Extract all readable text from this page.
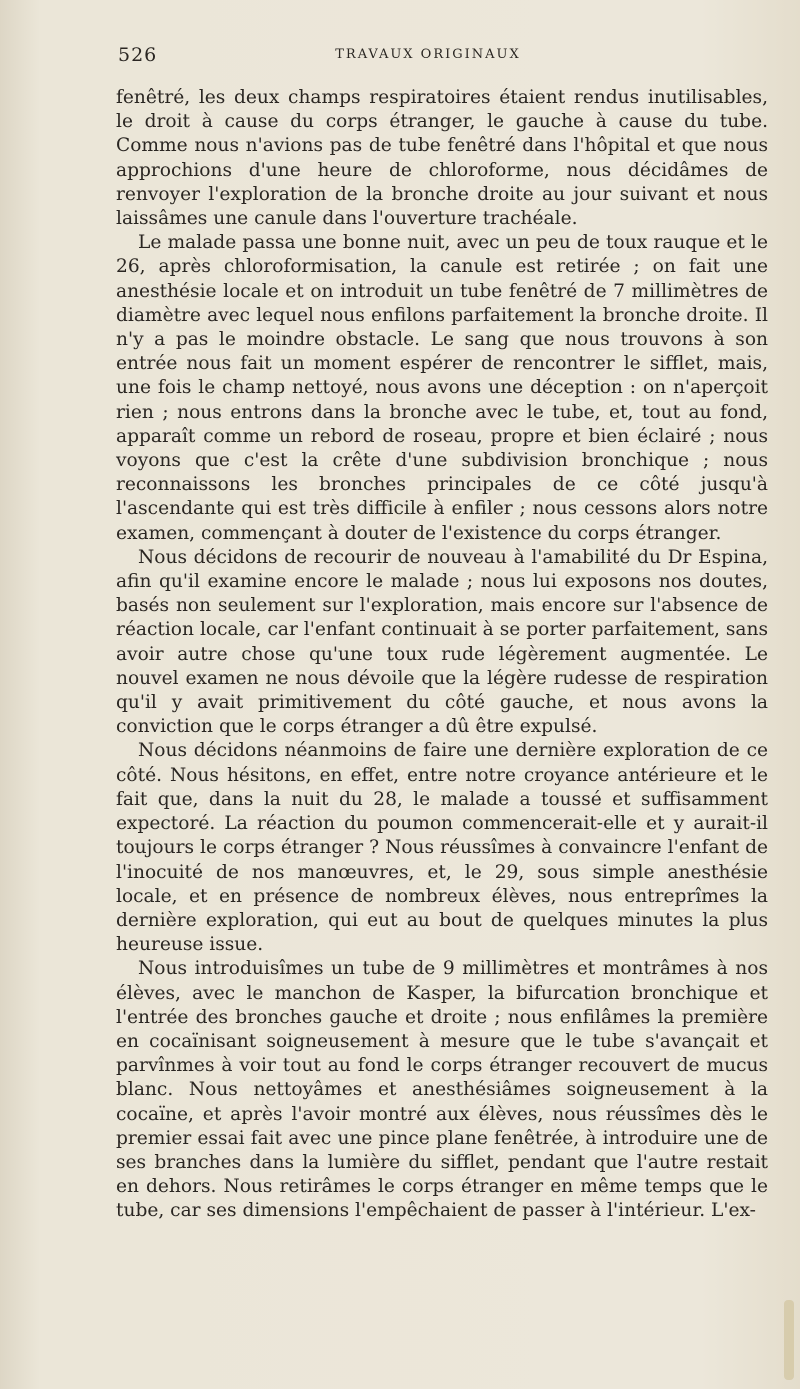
526	TRAVAUX ORIGINAUX

fenêtré, les deux champs respiratoires étaient rendus inutilisables, le droit à cause du corps étranger, le gauche à cause du tube. Comme nous n'avions pas de tube fenêtré dans l'hôpital et que nous approchions d'une heure de chloroforme, nous décidâmes de renvoyer l'exploration de la bronche droite au jour suivant et nous laissâmes une canule dans l'ouverture trachéale.

Le malade passa une bonne nuit, avec un peu de toux rauque et le 26, après chloroformisation, la canule est retirée ; on fait une anesthésie locale et on introduit un tube fenêtré de 7 millimètres de diamètre avec lequel nous enfilons parfaitement la bronche droite. Il n'y a pas le moindre obstacle. Le sang que nous trouvons à son entrée nous fait un moment espérer de rencontrer le sifflet, mais, une fois le champ nettoyé, nous avons une déception : on n'aperçoit rien ; nous entrons dans la bronche avec le tube, et, tout au fond, apparaît comme un rebord de roseau, propre et bien éclairé ; nous voyons que c'est la crête d'une subdivision bronchique ; nous reconnaissons les bronches principales de ce côté jusqu'à l'ascendante qui est très difficile à enfiler ; nous cessons alors notre examen, commençant à douter de l'existence du corps étranger.

Nous décidons de recourir de nouveau à l'amabilité du Dr Espina, afin qu'il examine encore le malade ; nous lui exposons nos doutes, basés non seulement sur l'exploration, mais encore sur l'absence de réaction locale, car l'enfant continuait à se porter parfaitement, sans avoir autre chose qu'une toux rude légèrement augmentée. Le nouvel examen ne nous dévoile que la légère rudesse de respiration qu'il y avait primitivement du côté gauche, et nous avons la conviction que le corps étranger a dû être expulsé.

Nous décidons néanmoins de faire une dernière exploration de ce côté. Nous hésitons, en effet, entre notre croyance antérieure et le fait que, dans la nuit du 28, le malade a toussé et suffisamment expectoré. La réaction du poumon commencerait-elle et y aurait-il toujours le corps étranger ? Nous réussîmes à convaincre l'enfant de l'inocuité de nos manœuvres, et, le 29, sous simple anesthésie locale, et en présence de nombreux élèves, nous entreprîmes la dernière exploration, qui eut au bout de quelques minutes la plus heureuse issue.

Nous introduisîmes un tube de 9 millimètres et montrâmes à nos élèves, avec le manchon de Kasper, la bifurcation bronchique et l'entrée des bronches gauche et droite ; nous enfilâmes la première en cocaïnisant soigneusement à mesure que le tube s'avançait et parvînmes à voir tout au fond le corps étranger recouvert de mucus blanc. Nous nettoyâmes et anesthésiâmes soigneusement à la cocaïne, et après l'avoir montré aux élèves, nous réussîmes dès le premier essai fait avec une pince plane fenêtrée, à introduire une de ses branches dans la lumière du sifflet, pendant que l'autre restait en dehors. Nous retirâmes le corps étranger en même temps que le tube, car ses dimensions l'empêchaient de passer à l'intérieur. L'ex-
